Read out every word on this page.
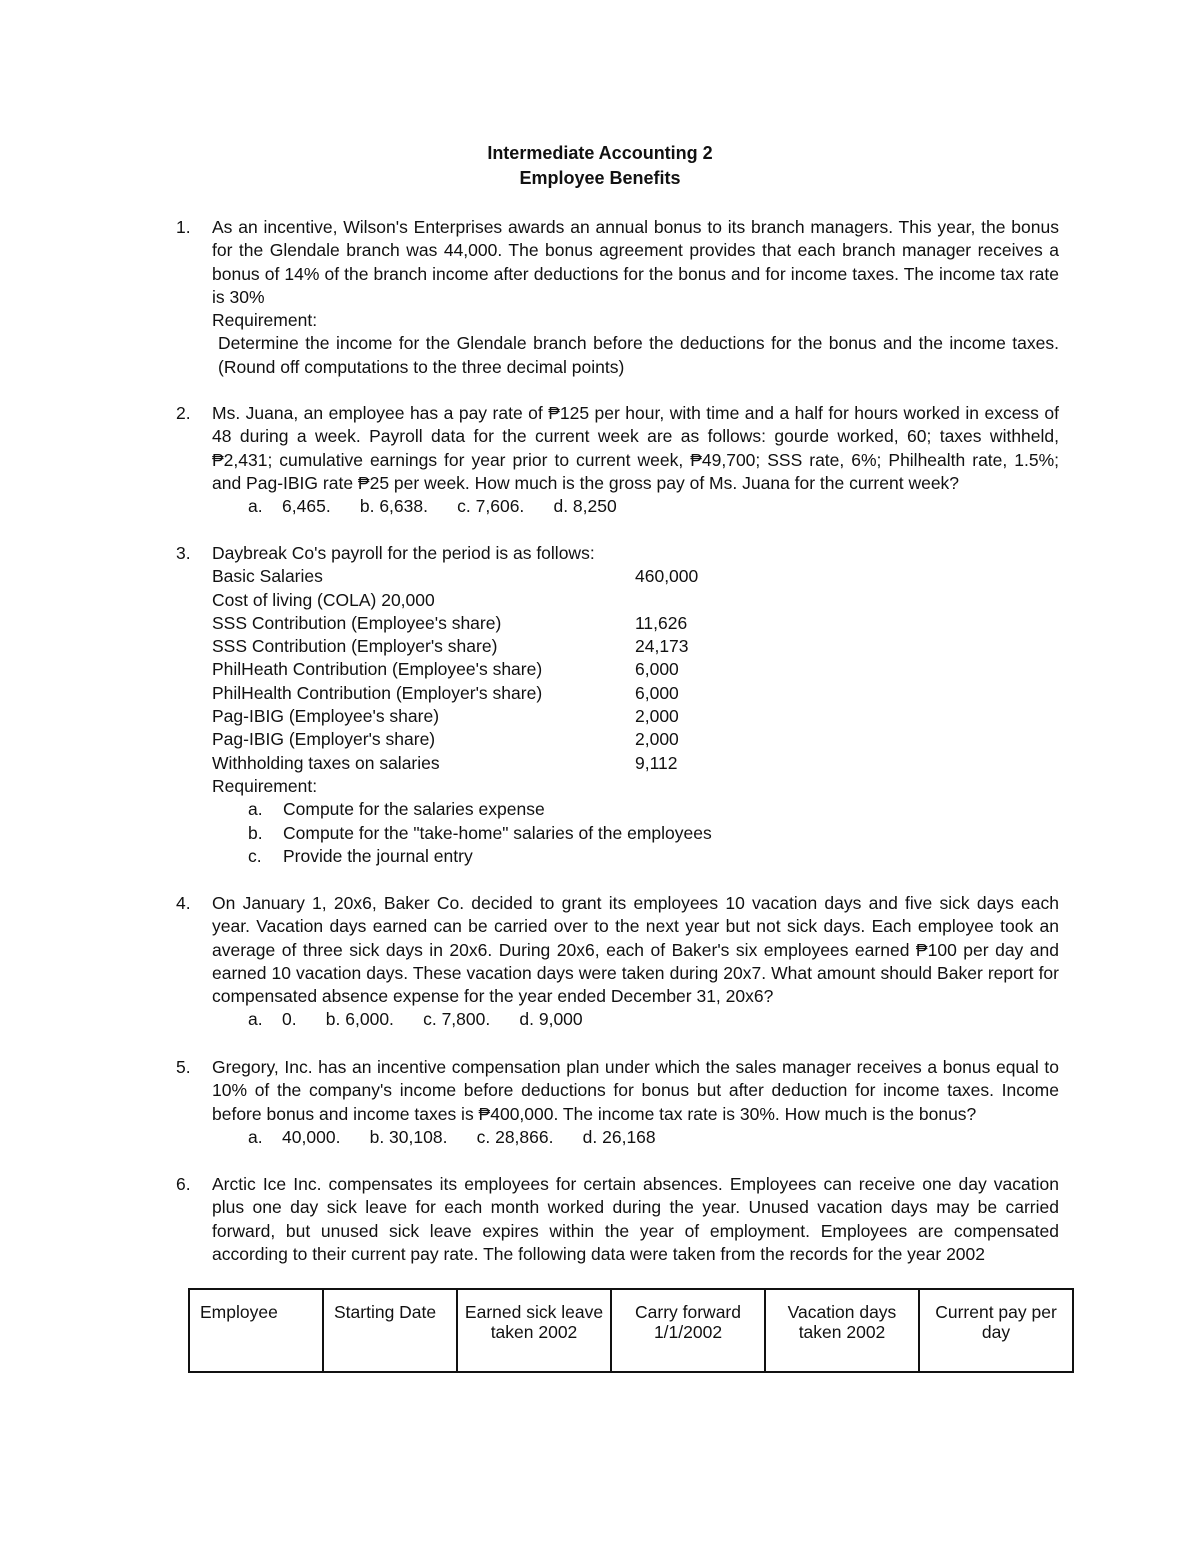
Intermediate Accounting 2
Employee Benefits
1. As an incentive, Wilson's Enterprises awards an annual bonus to its branch managers. This year, the bonus for the Glendale branch was 44,000. The bonus agreement provides that each branch manager receives a bonus of 14% of the branch income after deductions for the bonus and for income taxes. The income tax rate is 30%
Requirement:
Determine the income for the Glendale branch before the deductions for the bonus and the income taxes. (Round off computations to the three decimal points)
2. Ms. Juana, an employee has a pay rate of ₱125 per hour, with time and a half for hours worked in excess of 48 during a week. Payroll data for the current week are as follows: gourde worked, 60; taxes withheld, ₱2,431; cumulative earnings for year prior to current week, ₱49,700; SSS rate, 6%; Philhealth rate, 1.5%; and Pag-IBIG rate ₱25 per week. How much is the gross pay of Ms. Juana for the current week?
a.    6,465.      b. 6,638.      c. 7,606.      d. 8,250
3. Daybreak Co's payroll for the period is as follows:
Basic Salaries	460,000
Cost of living (COLA) 20,000
SSS Contribution (Employee's share)	11,626
SSS Contribution (Employer's share)	24,173
PhilHeath Contribution (Employee's share)	6,000
PhilHealth Contribution (Employer's share)	6,000
Pag-IBIG (Employee's share)	2,000
Pag-IBIG (Employer's share)	2,000
Withholding taxes on salaries	9,112
Requirement:
a. Compute for the salaries expense
b. Compute for the "take-home" salaries of the employees
c. Provide the journal entry
4. On January 1, 20x6, Baker Co. decided to grant its employees 10 vacation days and five sick days each year. Vacation days earned can be carried over to the next year but not sick days. Each employee took an average of three sick days in 20x6. During 20x6, each of Baker's six employees earned ₱100 per day and earned 10 vacation days. These vacation days were taken during 20x7. What amount should Baker report for compensated absence expense for the year ended December 31, 20x6?
a.    0.      b. 6,000.      c. 7,800.      d. 9,000
5. Gregory, Inc. has an incentive compensation plan under which the sales manager receives a bonus equal to 10% of the company's income before deductions for bonus but after deduction for income taxes. Income before bonus and income taxes is ₱400,000. The income tax rate is 30%. How much is the bonus?
a.    40,000.      b. 30,108.      c. 28,866.      d. 26,168
6. Arctic Ice Inc. compensates its employees for certain absences. Employees can receive one day vacation plus one day sick leave for each month worked during the year. Unused vacation days may be carried forward, but unused sick leave expires within the year of employment. Employees are compensated according to their current pay rate. The following data were taken from the records for the year 2002
Employee	Starting Date	Earned sick leave taken 2002	Carry forward 1/1/2002	Vacation days taken 2002	Current pay per day
